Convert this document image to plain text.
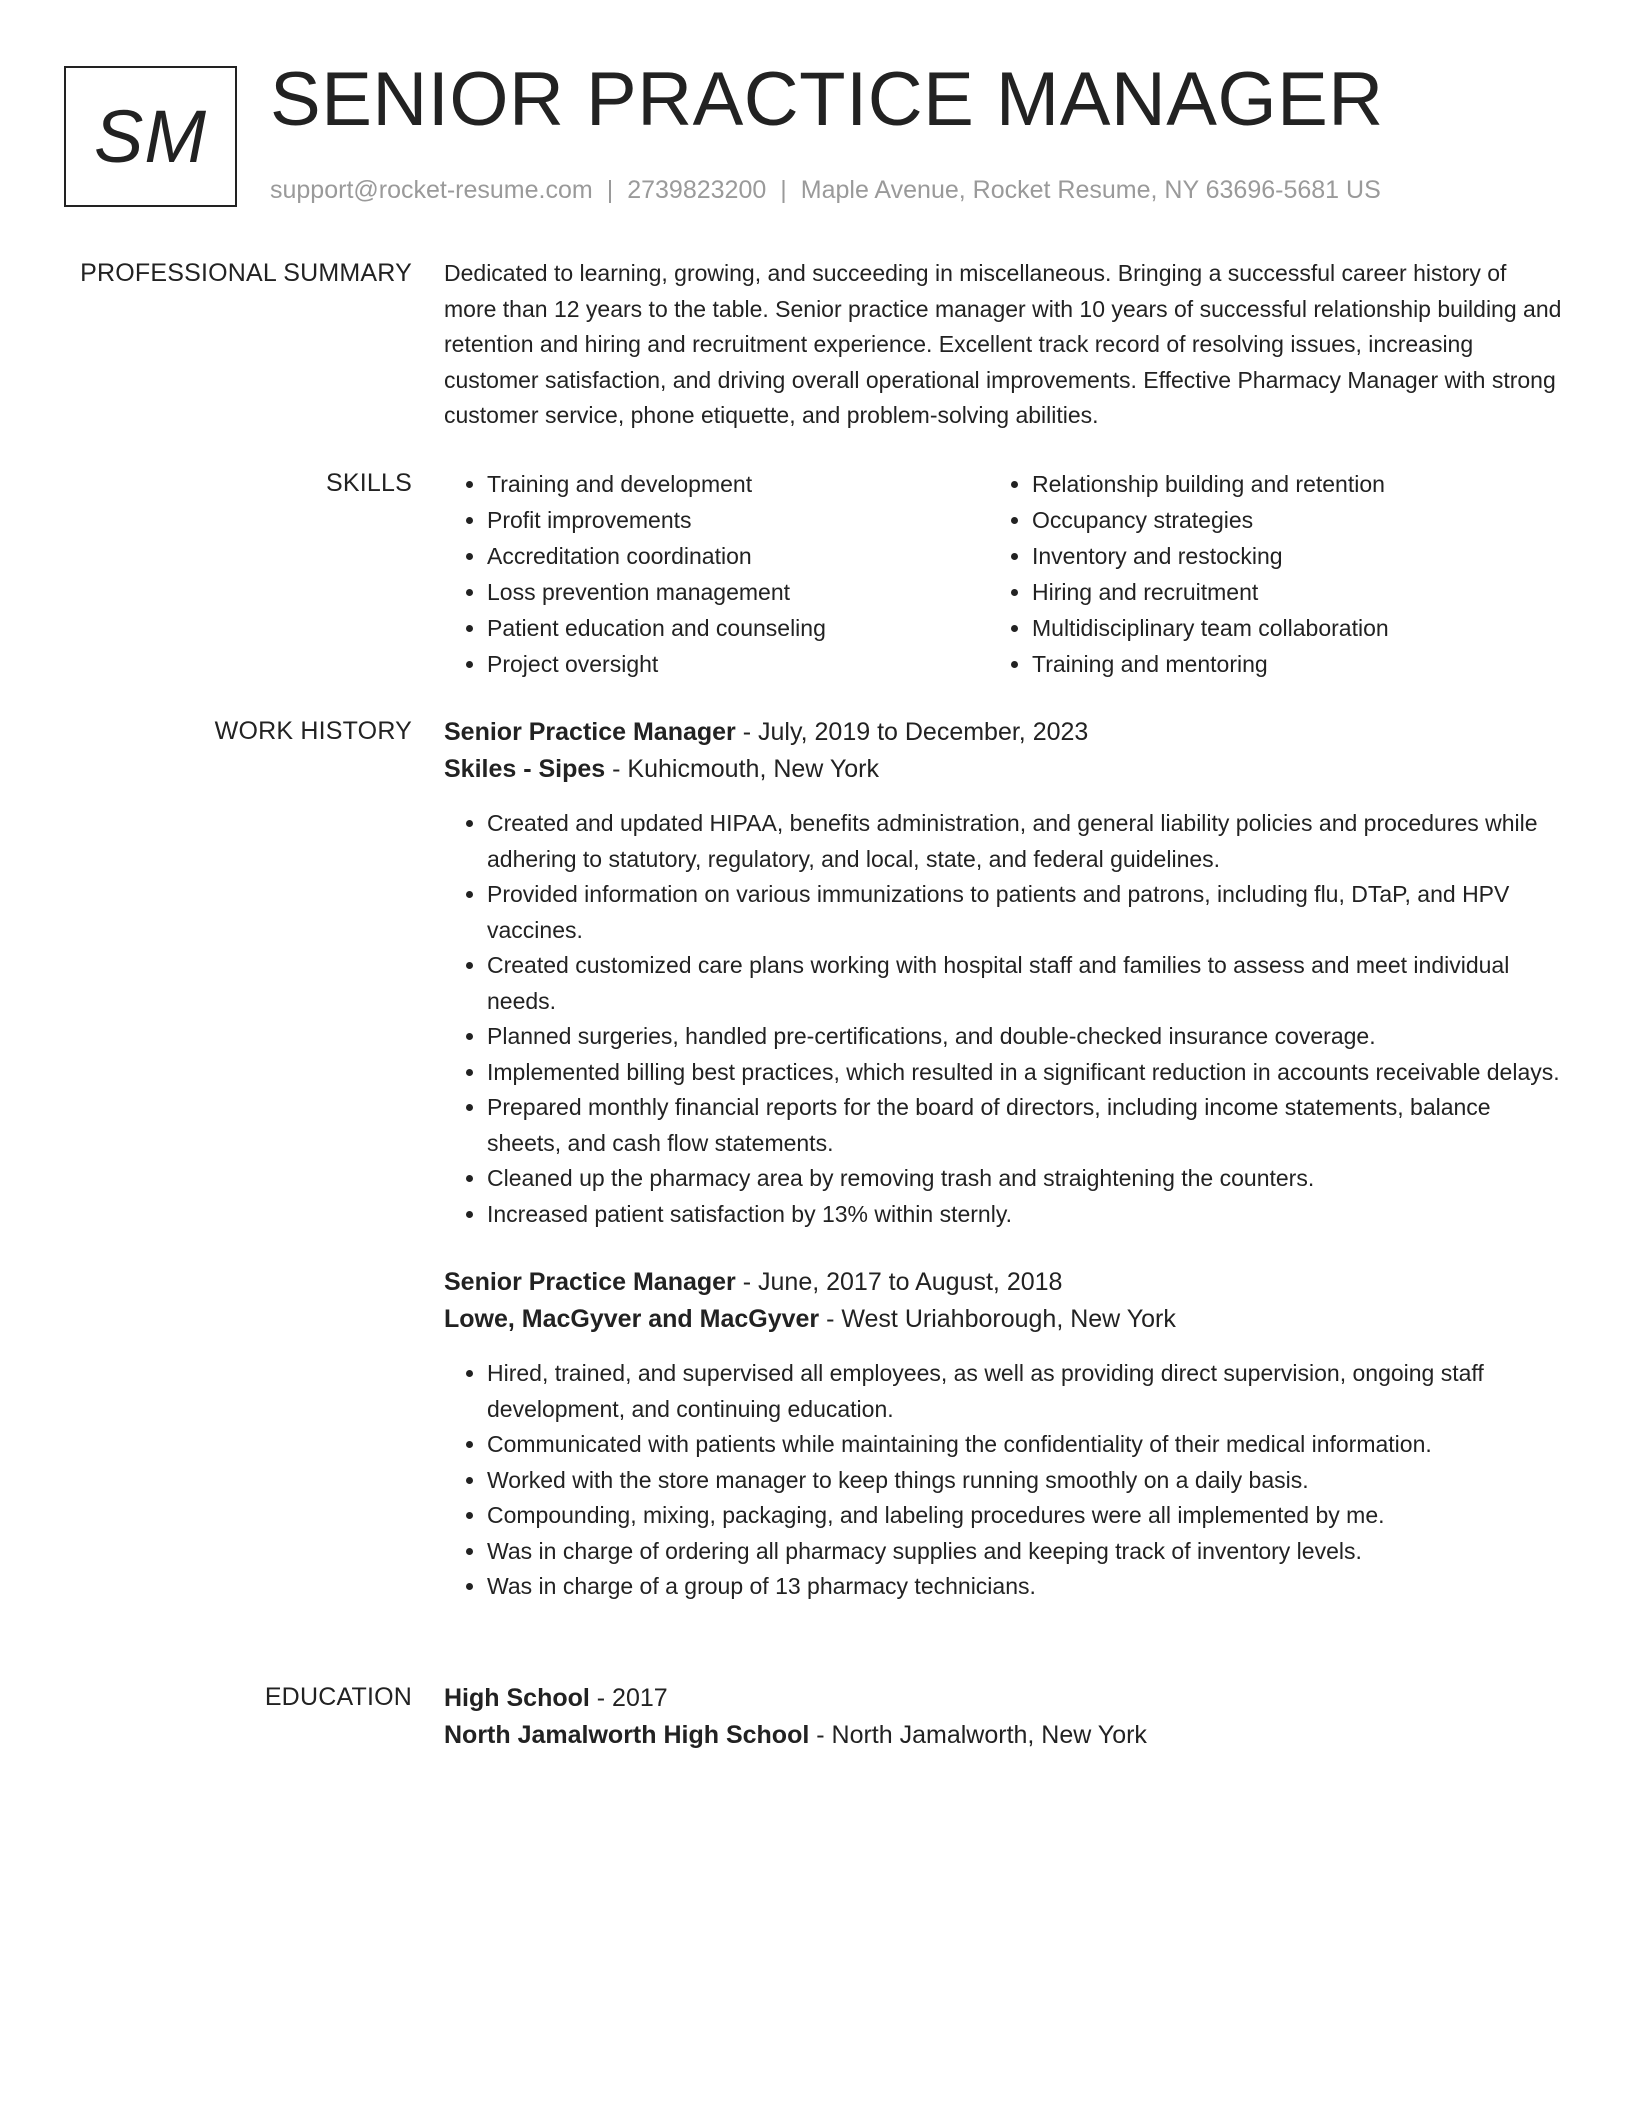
SM SENIOR PRACTICE MANAGER
support@rocket-resume.com | 2739823200 | Maple Avenue, Rocket Resume, NY 63696-5681 US
PROFESSIONAL SUMMARY Dedicated to learning, growing, and succeeding in miscellaneous. Bringing a successful career history of more than 12 years to the table. Senior practice manager with 10 years of successful relationship building and retention and hiring and recruitment experience. Excellent track record of resolving issues, increasing customer satisfaction, and driving overall operational improvements. Effective Pharmacy Manager with strong customer service, phone etiquette, and problem-solving abilities.

SKILLS
•	Training and development
• Profit improvements
• Accreditation coordination
• Loss prevention management
• Patient education and counseling
• Project oversight
• Relationship building and retention
• Occupancy strategies
• Inventory and restocking
• Hiring and recruitment
• Multidisciplinary team collaboration
• Training and mentoring
WORK HISTORY Senior Practice Manager - July, 2019 to December, 2023
Skiles - Sipes - Kuhicmouth, New York
• Created and updated HIPAA, benefits administration, and general liability policies and procedures while adhering to statutory, regulatory, and local, state, and federal guidelines.
• Provided information on various immunizations to patients and patrons, including flu, DTaP, and HPV vaccines.
• Created customized care plans working with hospital staff and families to assess and meet individual needs.
• Planned surgeries, handled pre-certifications, and double-checked insurance coverage.
• Implemented billing best practices, which resulted in a significant reduction in accounts receivable delays.
• Prepared monthly financial reports for the board of directors, including income statements, balance sheets, and cash flow statements.
• Cleaned up the pharmacy area by removing trash and straightening the counters.
• Increased patient satisfaction by 13% within sternly.
Senior Practice Manager - June, 2017 to August, 2018
Lowe, MacGyver and MacGyver - West Uriahborough, New York
• Hired, trained, and supervised all employees, as well as providing direct supervision, ongoing staff development, and continuing education.
• Communicated with patients while maintaining the confidentiality of their medical information.
• Worked with the store manager to keep things running smoothly on a daily basis.
• Compounding, mixing, packaging, and labeling procedures were all implemented by me.
• Was in charge of ordering all pharmacy supplies and keeping track of inventory levels.
• Was in charge of a group of 13 pharmacy technicians.
EDUCATION High School - 2017
North Jamalworth High School - North Jamalworth, New York
